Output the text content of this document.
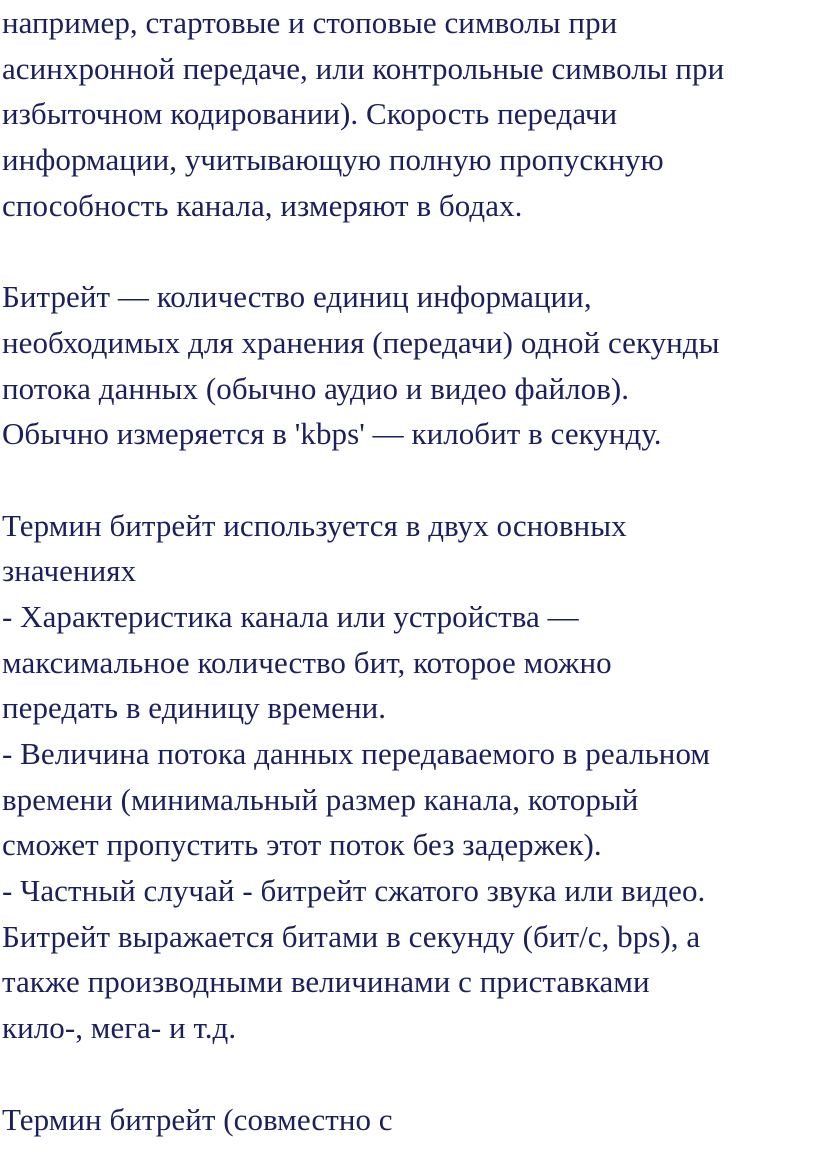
например, стартовые и стоповые символы при
асинхронной передаче, или контрольные символы при
избыточном кодировании). Скорость передачи
информации, учитывающую полную пропускную
способность канала, измеряют в бодах.
Битрейт — количество единиц информации,
необходимых для хранения (передачи) одной секунды
потока данных (обычно аудио и видео файлов).
Обычно измеряется в 'kbps' — килобит в секунду.
Термин битрейт используется в двух основных
значениях
- Характеристика канала или устройства —
максимальное количество бит, которое можно
передать в единицу времени.
- Величина потока данных передаваемого в реальном
времени (минимальный размер канала, который
сможет пропустить этот поток без задержек).
- Частный случай - битрейт сжатого звука или видео.
Битрейт выражается битами в секунду (бит/с, bps), а
также производными величинами с приставками
кило-, мега- и т.д.
Термин битрейт (совместно с
